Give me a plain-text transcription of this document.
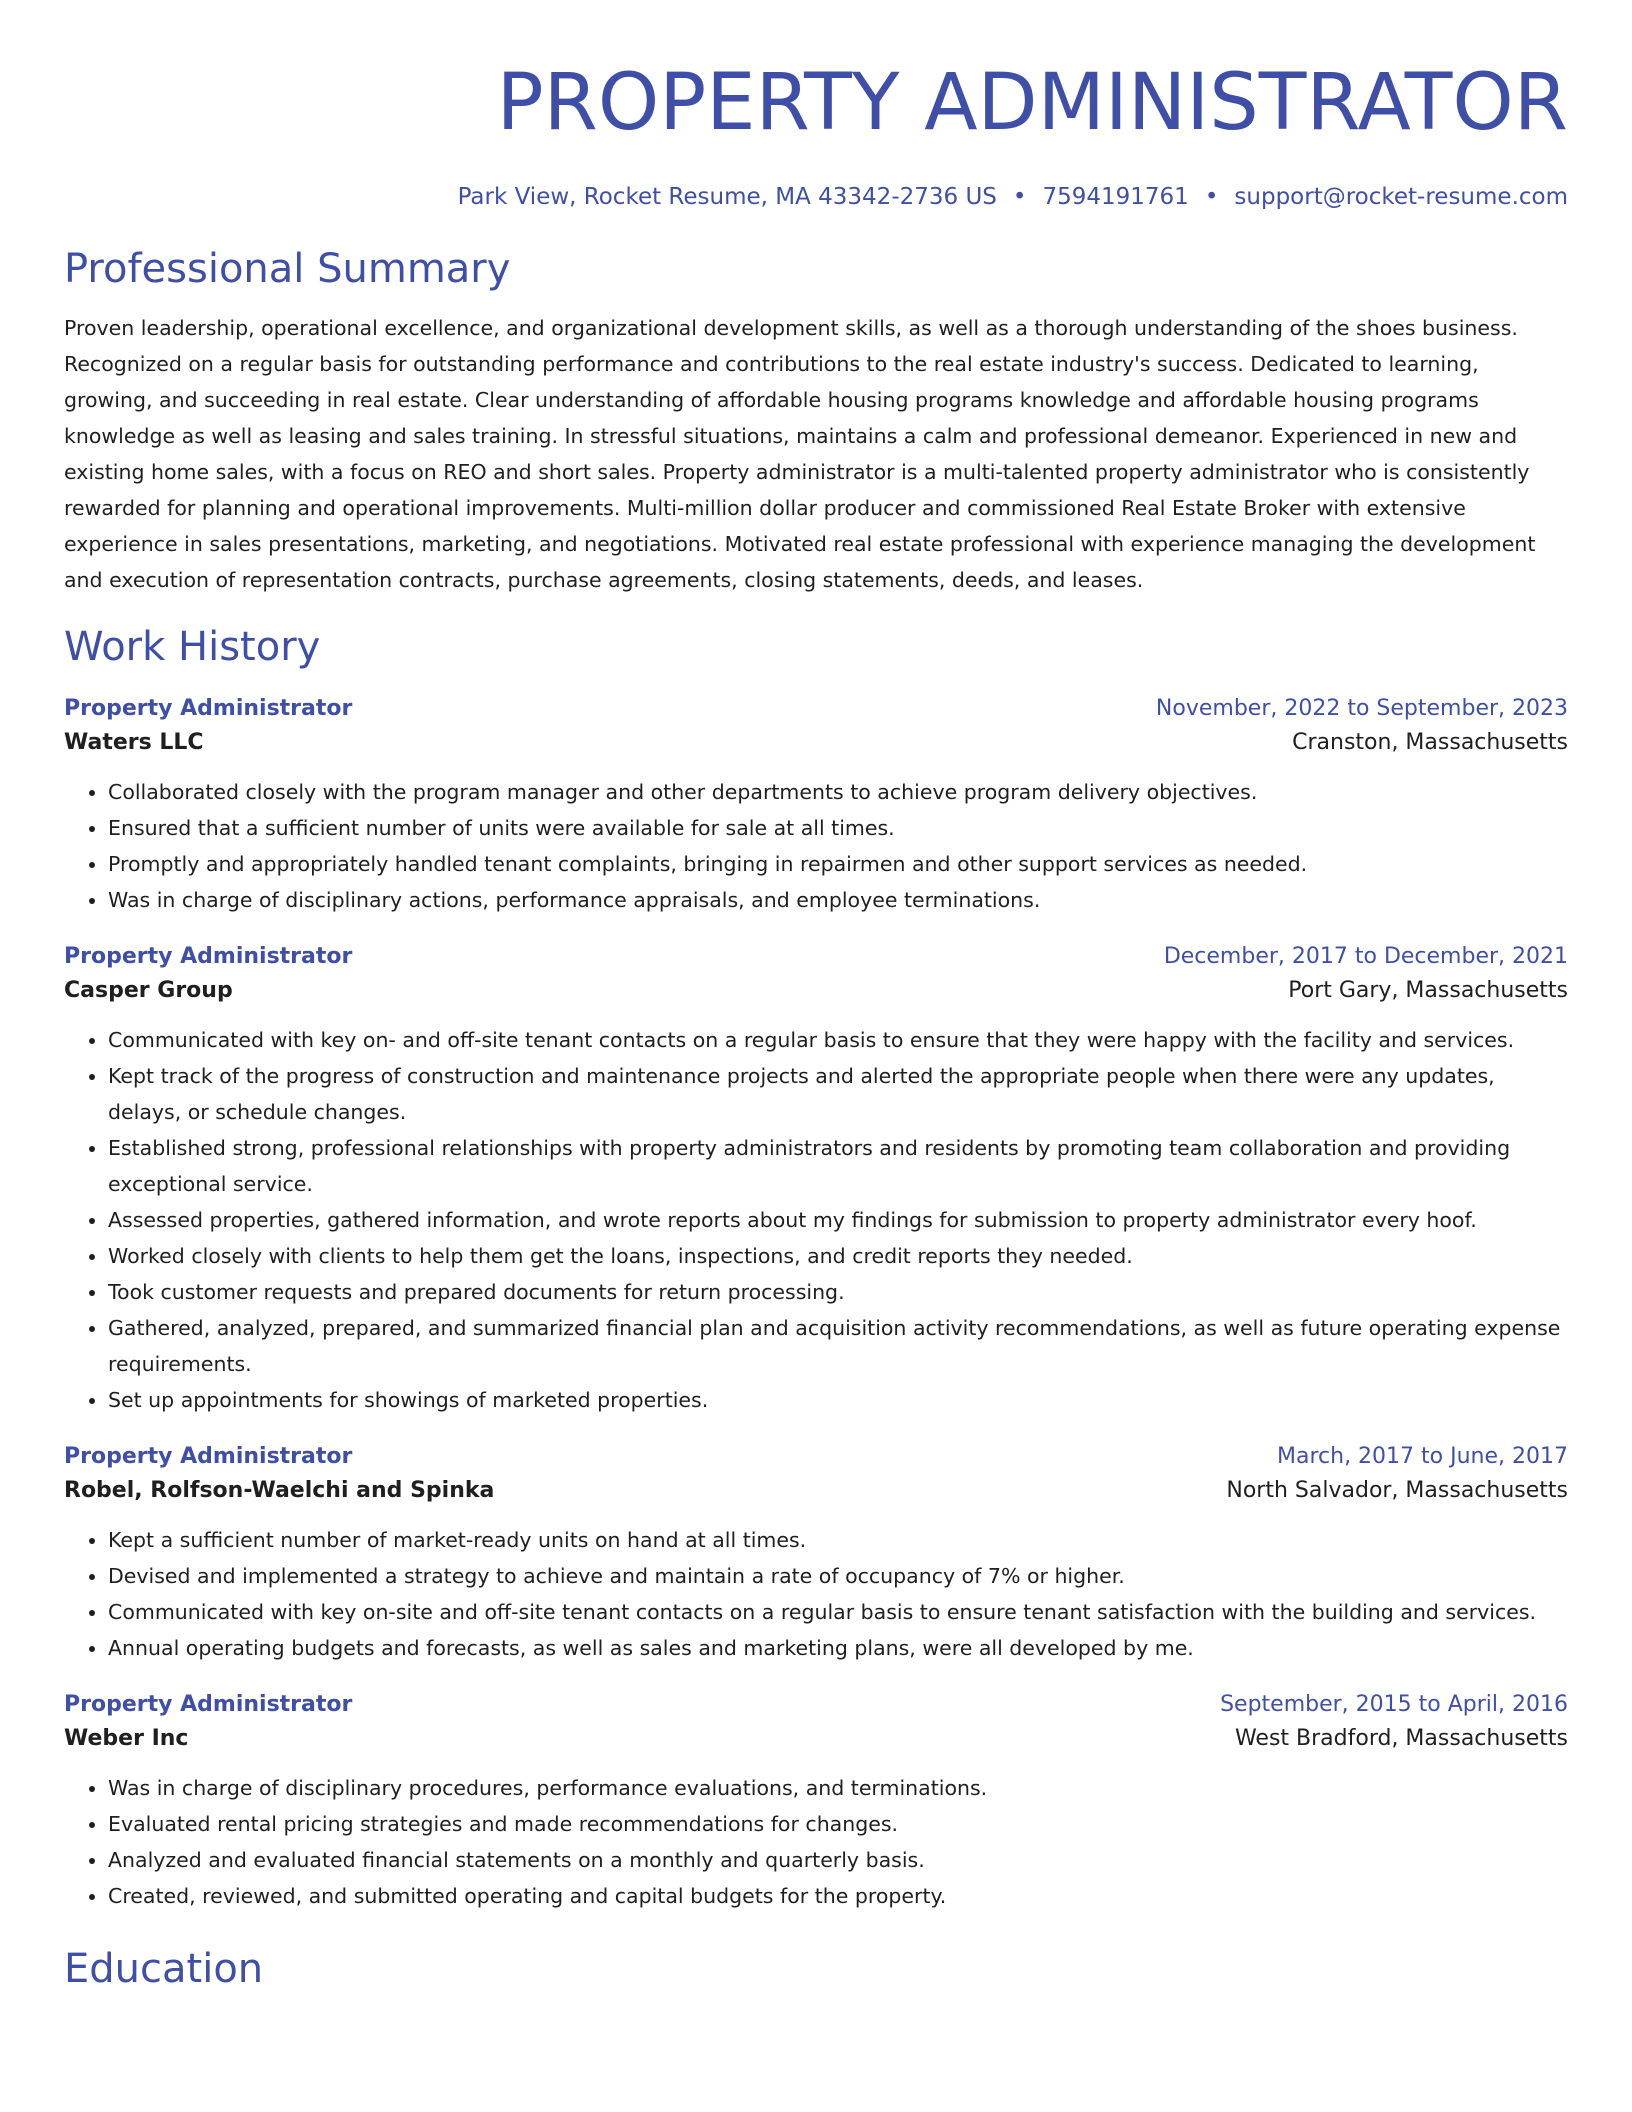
PROPERTY ADMINISTRATOR
Park View, Rocket Resume, MA 43342-2736 US • 7594191761 • support@rocket-resume.com
Professional Summary
Proven leadership, operational excellence, and organizational development skills, as well as a thorough understanding of the shoes business. Recognized on a regular basis for outstanding performance and contributions to the real estate industry's success. Dedicated to learning, growing, and succeeding in real estate. Clear understanding of affordable housing programs knowledge and affordable housing programs knowledge as well as leasing and sales training. In stressful situations, maintains a calm and professional demeanor. Experienced in new and existing home sales, with a focus on REO and short sales. Property administrator is a multi-talented property administrator who is consistently rewarded for planning and operational improvements. Multi-million dollar producer and commissioned Real Estate Broker with extensive experience in sales presentations, marketing, and negotiations. Motivated real estate professional with experience managing the development and execution of representation contracts, purchase agreements, closing statements, deeds, and leases.
Work History
Property Administrator	November, 2022 to September, 2023
Waters LLC	Cranston, Massachusetts
• Collaborated closely with the program manager and other departments to achieve program delivery objectives.
• Ensured that a sufficient number of units were available for sale at all times.
• Promptly and appropriately handled tenant complaints, bringing in repairmen and other support services as needed.
• Was in charge of disciplinary actions, performance appraisals, and employee terminations.
Property Administrator	December, 2017 to December, 2021
Casper Group	Port Gary, Massachusetts
• Communicated with key on- and off-site tenant contacts on a regular basis to ensure that they were happy with the facility and services.
• Kept track of the progress of construction and maintenance projects and alerted the appropriate people when there were any updates, delays, or schedule changes.
• Established strong, professional relationships with property administrators and residents by promoting team collaboration and providing exceptional service.
• Assessed properties, gathered information, and wrote reports about my findings for submission to property administrator every hoof.
• Worked closely with clients to help them get the loans, inspections, and credit reports they needed.
• Took customer requests and prepared documents for return processing.
• Gathered, analyzed, prepared, and summarized financial plan and acquisition activity recommendations, as well as future operating expense requirements.
• Set up appointments for showings of marketed properties.
Property Administrator	March, 2017 to June, 2017
Robel, Rolfson-Waelchi and Spinka	North Salvador, Massachusetts
• Kept a sufficient number of market-ready units on hand at all times.
• Devised and implemented a strategy to achieve and maintain a rate of occupancy of 7% or higher.
• Communicated with key on-site and off-site tenant contacts on a regular basis to ensure tenant satisfaction with the building and services.
• Annual operating budgets and forecasts, as well as sales and marketing plans, were all developed by me.
Property Administrator	September, 2015 to April, 2016
Weber Inc	West Bradford, Massachusetts
• Was in charge of disciplinary procedures, performance evaluations, and terminations.
• Evaluated rental pricing strategies and made recommendations for changes.
• Analyzed and evaluated financial statements on a monthly and quarterly basis.
• Created, reviewed, and submitted operating and capital budgets for the property.
Education
